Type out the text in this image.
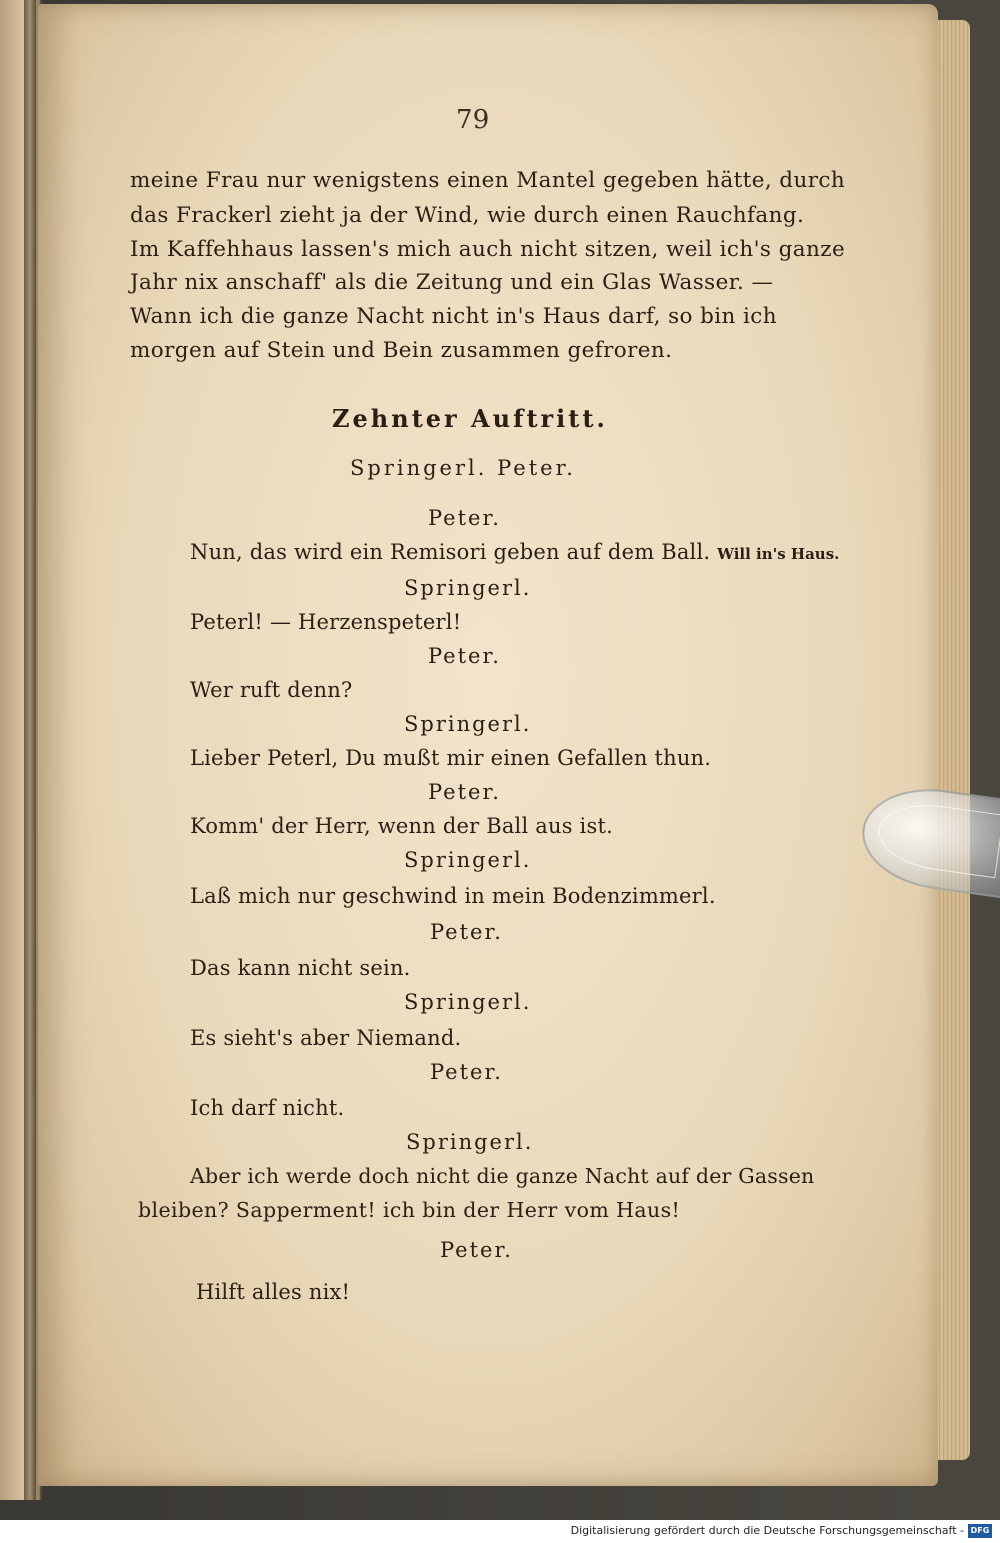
79
meine Frau nur wenigstens einen Mantel gegeben hätte, durch
das Frackerl zieht ja der Wind, wie durch einen Rauchfang.
Im Kaffehhaus lassen's mich auch nicht sitzen, weil ich's ganze
Jahr nix anschaff' als die Zeitung und ein Glas Wasser. —
Wann ich die ganze Nacht nicht in's Haus darf, so bin ich
morgen auf Stein und Bein zusammen gefroren.
Zehnter Auftritt.
Springerl. Peter.
Peter.
Nun, das wird ein Remisori geben auf dem Ball. Will in's Haus.
Springerl.
Peterl! — Herzenspeterl!
Peter.
Wer ruft denn?
Springerl.
Lieber Peterl, Du mußt mir einen Gefallen thun.
Peter.
Komm' der Herr, wenn der Ball aus ist.
Springerl.
Laß mich nur geschwind in mein Bodenzimmerl.
Peter.
Das kann nicht sein.
Springerl.
Es sieht's aber Niemand.
Peter.
Ich darf nicht.
Springerl.
Aber ich werde doch nicht die ganze Nacht auf der Gassen
bleiben? Sapperment! ich bin der Herr vom Haus!
Peter.
Hilft alles nix!
Digitalisierung gefördert durch die Deutsche Forschungsgemeinschaft - DFG
